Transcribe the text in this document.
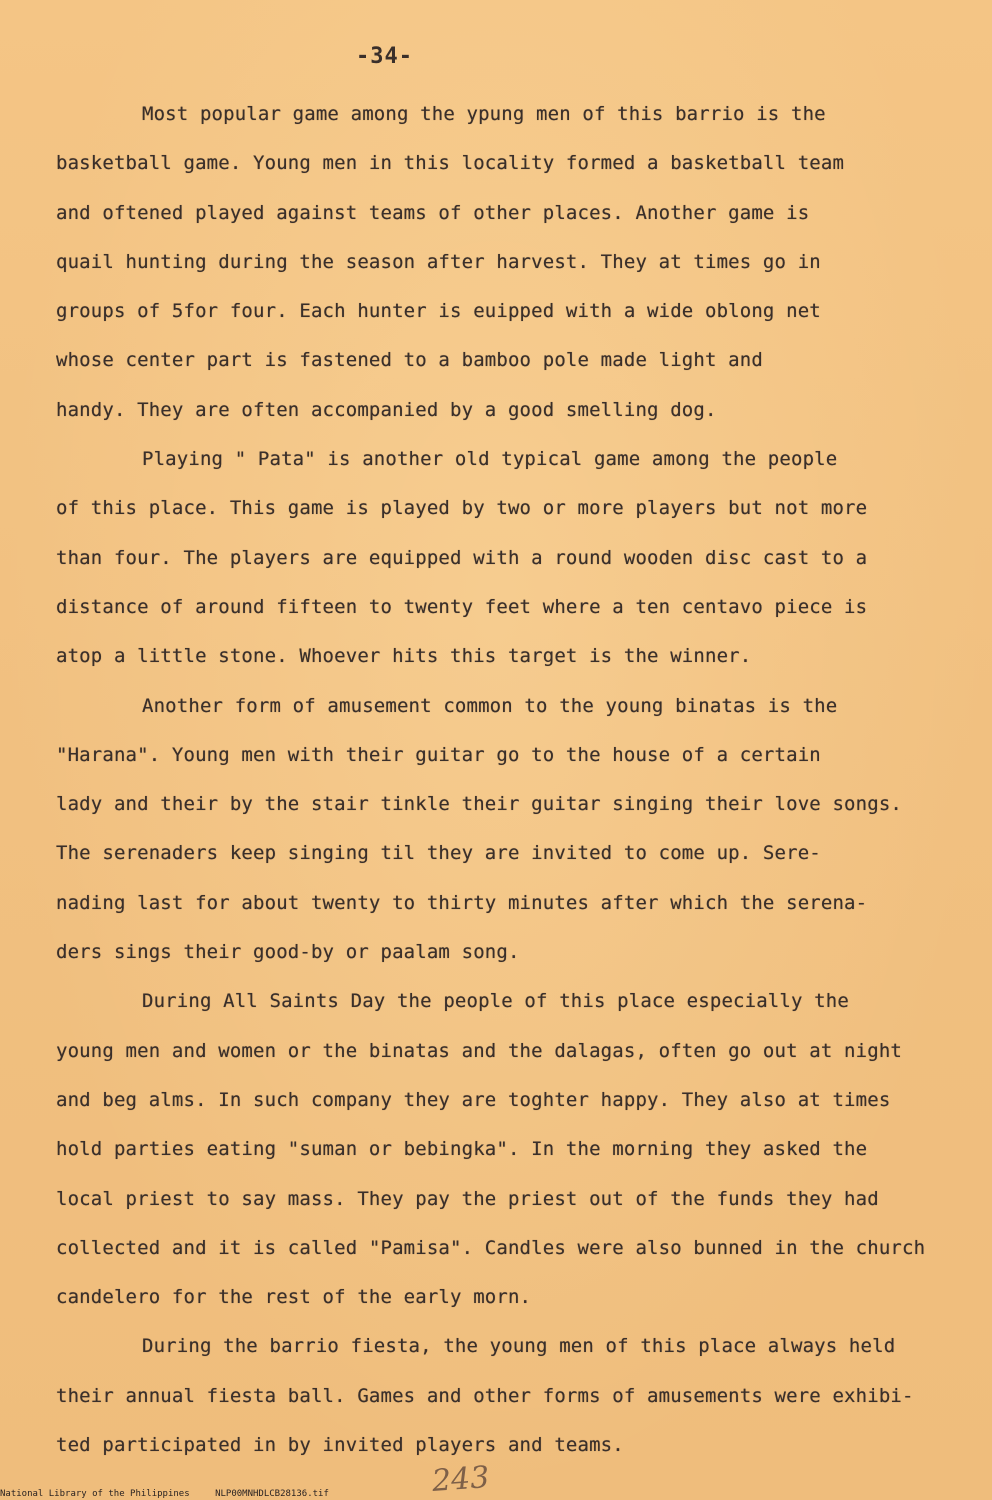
-34-
Most popular game among the ypung men of this barrio is the
basketball game. Young men in this locality formed a basketball team
and oftened played against teams of other places. Another game is
quail hunting during the season after harvest. They at times go in
groups of 5for four. Each hunter is euipped with a wide oblong net
whose center part is fastened to a bamboo pole made light and
handy. They are often accompanied by a good smelling dog.
Playing " Pata" is another old typical game among the people
of this place. This game is played by two or more players but not more
than four. The players are equipped with a round wooden disc cast to a
distance of around fifteen to twenty feet where a ten centavo piece is
atop a little stone. Whoever hits this target is the winner.
Another form of amusement common to the young binatas is the
"Harana". Young men with their guitar go to the house of a certain
lady and their by the stair tinkle their guitar singing their love songs.
The serenaders keep singing til they are invited to come up. Sere-
nading last for about twenty to thirty minutes after which the serena-
ders sings their good-by or paalam song.
During All Saints Day the people of this place especially the
young men and women or the binatas and the dalagas, often go out at night
and beg alms. In such company they are toghter happy. They also at times
hold parties eating "suman or bebingka". In the morning they asked the
local priest to say mass. They pay the priest out of the funds they had
collected and it is called "Pamisa". Candles were also bunned in the church
candelero for the rest of the early morn.
During the barrio fiesta, the young men of this place always held
their annual fiesta ball. Games and other forms of amusements were exhibi-
ted participated in by invited players and teams.
243
National Library of the Philippines	NLP00MNHDLCB28136.tif
